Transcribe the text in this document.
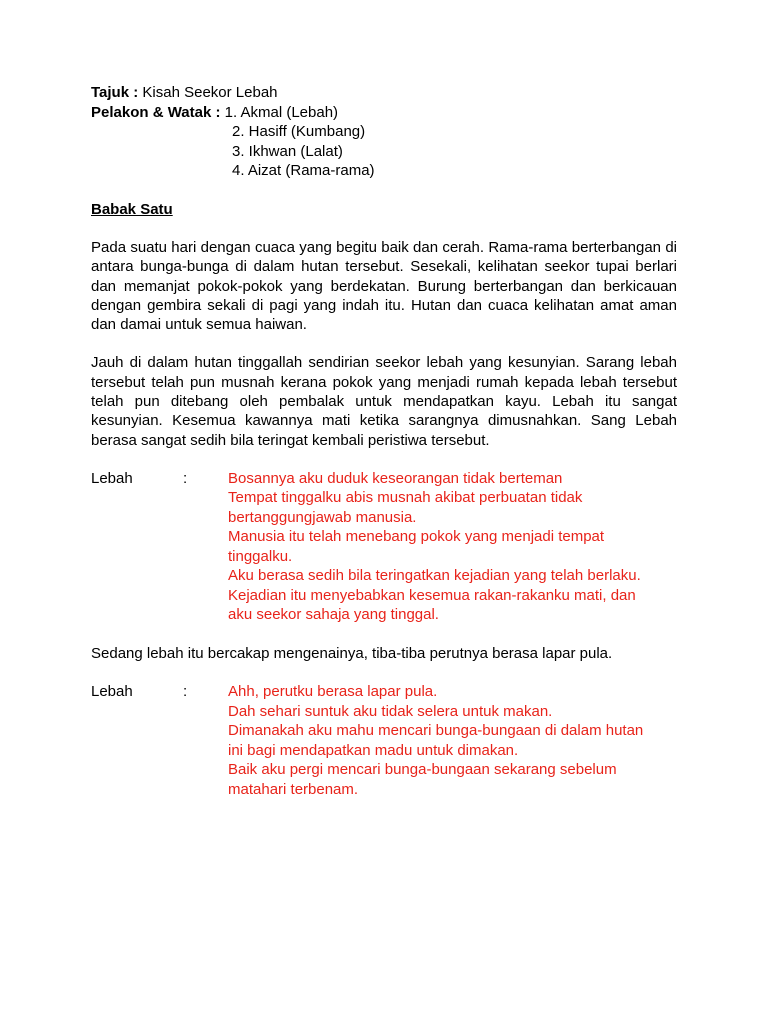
Tajuk : Kisah Seekor Lebah
Pelakon & Watak : 1. Akmal (Lebah)
2. Hasiff (Kumbang)
3. Ikhwan (Lalat)
4. Aizat (Rama-rama)
Babak Satu
Pada suatu hari dengan cuaca yang begitu baik dan cerah. Rama-rama berterbangan di antara bunga-bunga di dalam hutan tersebut. Sesekali, kelihatan seekor tupai berlari dan memanjat pokok-pokok yang berdekatan. Burung berterbangan dan berkicauan dengan gembira sekali di pagi yang indah itu. Hutan dan cuaca kelihatan amat aman dan damai untuk semua haiwan.
Jauh di dalam hutan tinggallah sendirian seekor lebah yang kesunyian. Sarang lebah tersebut telah pun musnah kerana pokok yang menjadi rumah kepada lebah tersebut telah pun ditebang oleh pembalak untuk mendapatkan kayu. Lebah itu sangat kesunyian. Kesemua kawannya mati ketika sarangnya dimusnahkan. Sang Lebah berasa sangat sedih bila teringat kembali peristiwa tersebut.
Lebah	:	Bosannya aku duduk keseorangan tidak berteman
Tempat tinggalku abis musnah akibat perbuatan tidak
bertanggungjawab manusia.
Manusia itu telah menebang pokok yang menjadi tempat
tinggalku.
Aku berasa sedih bila teringatkan kejadian yang telah berlaku.
Kejadian itu menyebabkan kesemua rakan-rakanku mati, dan
aku seekor sahaja yang tinggal.
Sedang lebah itu bercakap mengenainya, tiba-tiba perutnya berasa lapar pula.
Lebah	:	Ahh, perutku berasa lapar pula.
Dah sehari suntuk aku tidak selera untuk makan.
Dimanakah aku mahu mencari bunga-bungaan di dalam hutan
ini bagi mendapatkan madu untuk dimakan.
Baik aku pergi mencari bunga-bungaan sekarang sebelum
matahari terbenam.
